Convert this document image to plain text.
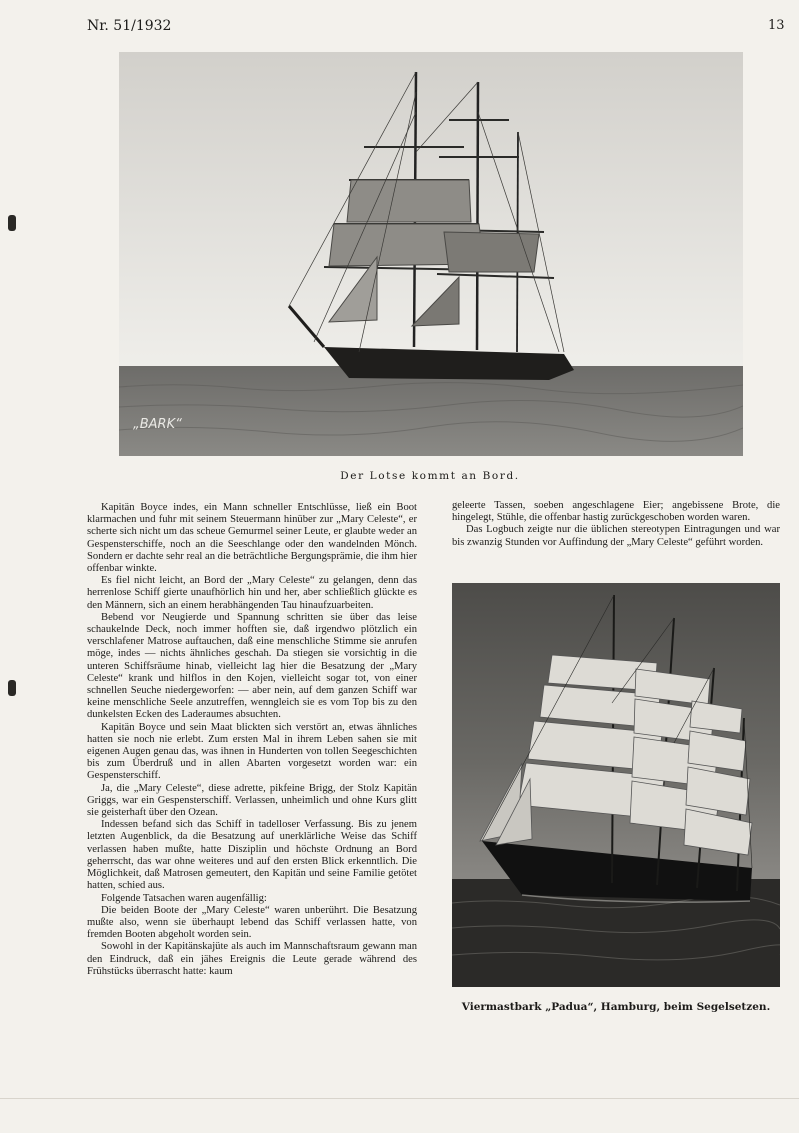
Nr. 51/1932	13
„BARK“
Der Lotse kommt an Bord.

Kapitän Boyce indes, ein Mann schneller Entschlüsse, ließ ein Boot klarmachen und fuhr mit seinem Steuermann hinüber zur „Mary Celeste“, er scherte sich nicht um das scheue Gemurmel seiner Leute, er glaubte weder an Gespensterschiffe, noch an die Seeschlange oder den wandelnden Mönch. Sondern er dachte sehr real an die beträchtliche Bergungsprämie, die ihm hier offenbar winkte.

Es fiel nicht leicht, an Bord der „Mary Celeste“ zu gelangen, denn das herrenlose Schiff gierte unaufhörlich hin und her, aber schließlich glückte es den Männern, sich an einem herabhängenden Tau hinaufzuarbeiten.

Bebend vor Neugierde und Spannung schritten sie über das leise schaukelnde Deck, noch immer hofften sie, daß irgendwo plötzlich ein verschlafener Matrose auftauchen, daß eine menschliche Stimme sie anrufen möge, indes — nichts ähnliches geschah. Da stiegen sie vorsichtig in die unteren Schiffsräume hinab, vielleicht lag hier die Besatzung der „Mary Celeste“ krank und hilflos in den Kojen, vielleicht sogar tot, von einer schnellen Seuche niedergeworfen: — aber nein, auf dem ganzen Schiff war keine menschliche Seele anzutreffen, wenngleich sie es vom Top bis zu den dunkelsten Ecken des Laderaumes absuchten.

Kapitän Boyce und sein Maat blickten sich verstört an, etwas ähnliches hatten sie noch nie erlebt. Zum ersten Mal in ihrem Leben sahen sie mit eigenen Augen genau das, was ihnen in Hunderten von tollen Seegeschichten bis zum Überdruß und in allen Abarten vorgesetzt worden war: ein Gespensterschiff.

Ja, die „Mary Celeste“, diese adrette, pikfeine Brigg, der Stolz Kapitän Griggs, war ein Gespensterschiff. Verlassen, unheimlich und ohne Kurs glitt sie geisterhaft über den Ozean.

Indessen befand sich das Schiff in tadelloser Verfassung. Bis zu jenem letzten Augenblick, da die Besatzung auf unerklärliche Weise das Schiff verlassen haben mußte, hatte Disziplin und höchste Ordnung an Bord geherrscht, das war ohne weiteres und auf den ersten Blick erkenntlich. Die Möglichkeit, daß Matrosen gemeutert, den Kapitän und seine Familie getötet hatten, schied aus.

Folgende Tatsachen waren augenfällig:

Die beiden Boote der „Mary Celeste“ waren unberührt. Die Besatzung mußte also, wenn sie überhaupt lebend das Schiff verlassen hatte, von fremden Booten abgeholt worden sein.

Sowohl in der Kapitänskajüte als auch im Mannschaftsraum gewann man den Eindruck, daß ein jähes Ereignis die Leute gerade während des Frühstücks überrascht hatte: kaum

geleerte Tassen, soeben angeschlagene Eier; angebissene Brote, die hingelegt, Stühle, die offenbar hastig zurückgeschoben worden waren.

Das Logbuch zeigte nur die üblichen stereotypen Eintragungen und war bis zwanzig Stunden vor Auffindung der „Mary Celeste“ geführt worden.

Viermastbark „Padua“, Hamburg, beim Segelsetzen.
